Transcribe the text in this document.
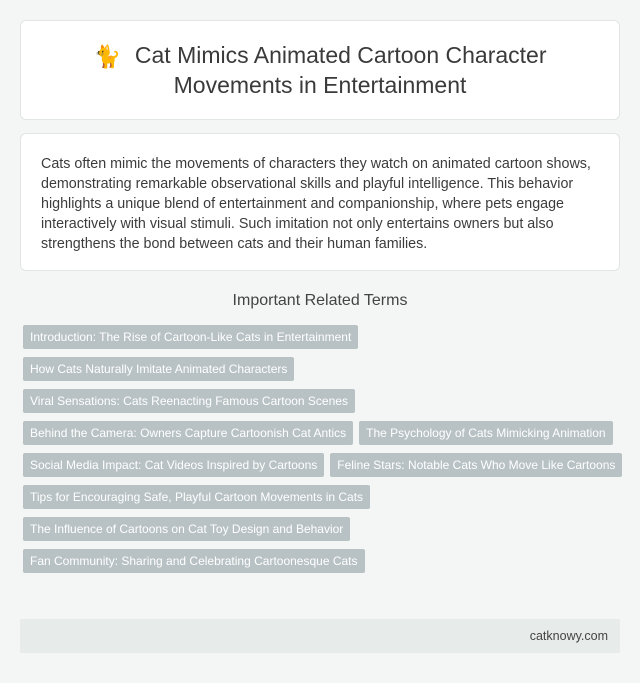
🐈 Cat Mimics Animated Cartoon Character Movements in Entertainment

Cats often mimic the movements of characters they watch on animated cartoon shows, demonstrating remarkable observational skills and playful intelligence. This behavior highlights a unique blend of entertainment and companionship, where pets engage interactively with visual stimuli. Such imitation not only entertains owners but also strengthens the bond between cats and their human families.

Important Related Terms
Introduction: The Rise of Cartoon-Like Cats in Entertainment
How Cats Naturally Imitate Animated Characters
Viral Sensations: Cats Reenacting Famous Cartoon Scenes
Behind the Camera: Owners Capture Cartoonish Cat Antics	The Psychology of Cats Mimicking Animation
Social Media Impact: Cat Videos Inspired by Cartoons	Feline Stars: Notable Cats Who Move Like Cartoons
Tips for Encouraging Safe, Playful Cartoon Movements in Cats
The Influence of Cartoons on Cat Toy Design and Behavior
Fan Community: Sharing and Celebrating Cartoonesque Cats
catknowy.com
